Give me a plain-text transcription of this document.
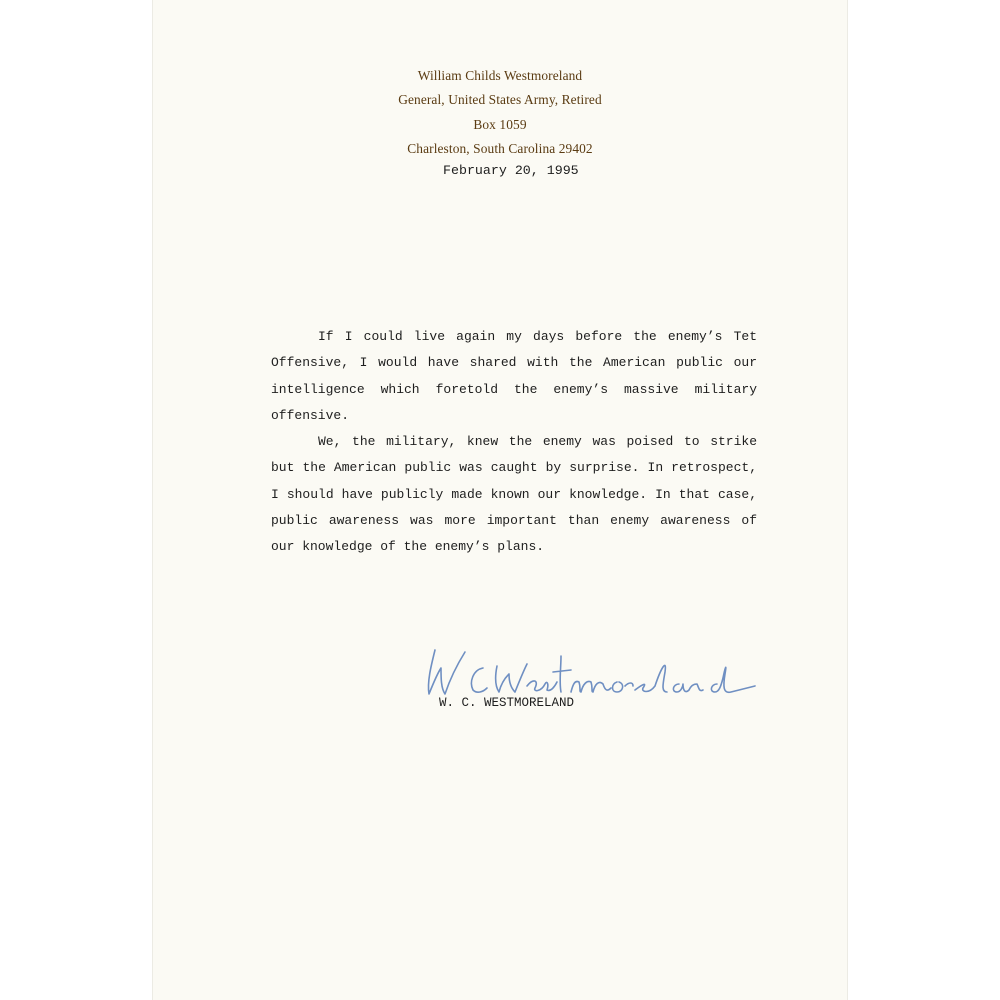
William Childs Westmoreland
General, United States Army, Retired
Box 1059
Charleston, South Carolina 29402
February 20, 1995

If I could live again my days before the enemy’s Tet Offensive, I would have shared with the American public our intelligence which foretold the enemy’s massive military offensive.

We, the military, knew the enemy was poised to strike but the American public was caught by surprise. In retrospect, I should have publicly made known our knowledge. In that case, public awareness was more important than enemy awareness of our knowledge of the enemy’s plans.

W. C. WESTMORELAND
